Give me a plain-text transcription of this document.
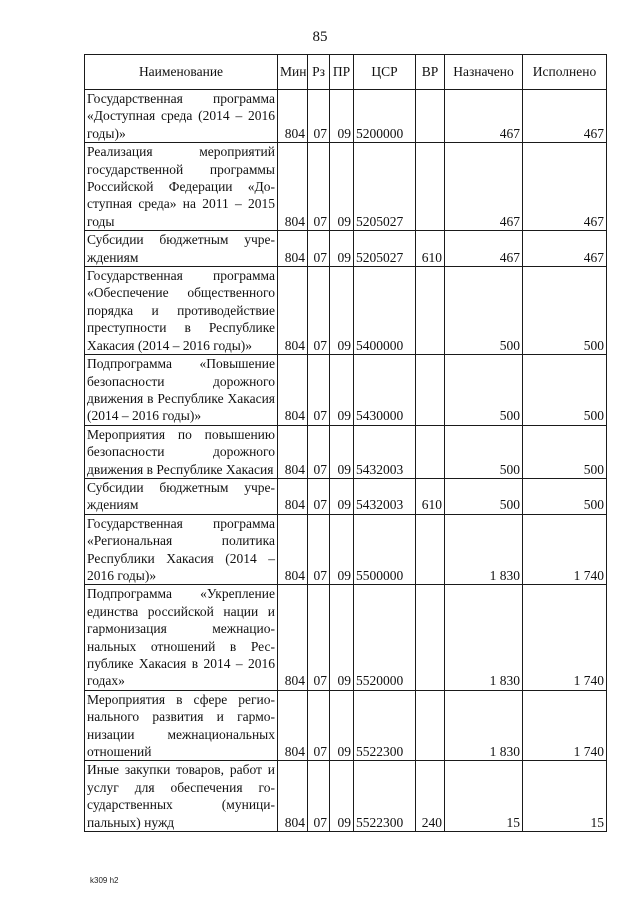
85
Наименование	Мин	Рз	ПР	ЦСР	ВР	Назначено	Исполнено
Государственная программа «Доступная среда (2014 – 2016 годы)»	804	07	09	5200000		467	467
Реализация мероприятий государственной программы Российской Федерации «Доступная среда» на 2011 – 2015 годы	804	07	09	5205027		467	467
Субсидии бюджетным учреждениям	804	07	09	5205027	610	467	467
Государственная программа «Обеспечение общественного порядка и противодействие преступности в Республике Хакасия (2014 – 2016 годы)»	804	07	09	5400000		500	500
Подпрограмма «Повышение безопасности дорожного движения в Республике Хакасия (2014 – 2016 годы)»	804	07	09	5430000		500	500
Мероприятия по повышению безопасности дорожного движения в Республике Хакасия	804	07	09	5432003		500	500
Субсидии бюджетным учреждениям	804	07	09	5432003	610	500	500
Государственная программа «Региональная политика Республики Хакасия (2014 – 2016 годы)»	804	07	09	5500000		1 830	1 740
Подпрограмма «Укрепление единства российской нации и гармонизация межнациональных отношений в Республике Хакасия в 2014 – 2016 годах»	804	07	09	5520000		1 830	1 740
Мероприятия в сфере регионального развития и гармонизации межнациональных отношений	804	07	09	5522300		1 830	1 740
Иные закупки товаров, работ и услуг для обеспечения государственных (муниципальных) нужд	804	07	09	5522300	240	15	15
k309 h2
